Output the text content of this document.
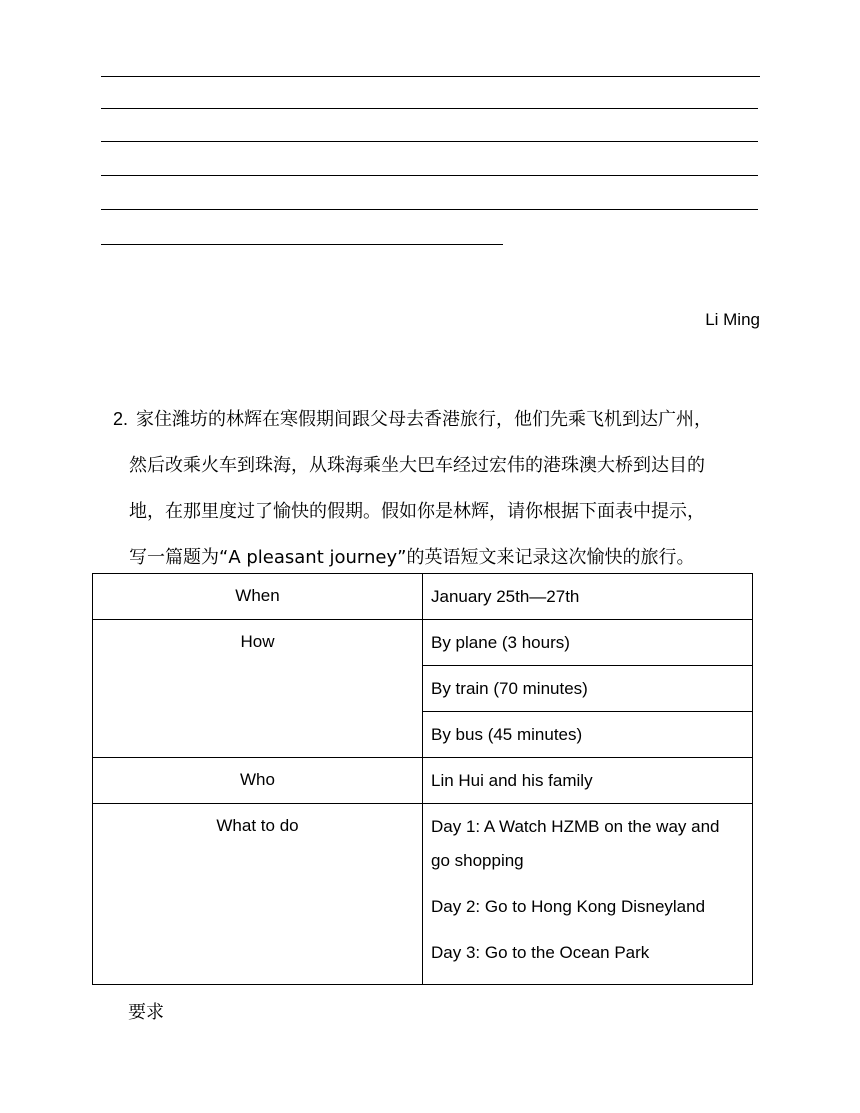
Li Ming
2. 家住潍坊的林辉在寒假期间跟父母去香港旅行，他们先乘飞机到达广州，
然后改乘火车到珠海，从珠海乘坐大巴车经过宏伟的港珠澳大桥到达目的
地，在那里度过了愉快的假期。假如你是林辉，请你根据下面表中提示，
写一篇题为“A pleasant journey”的英语短文来记录这次愉快的旅行。
When	January 25th—27th
How	By plane (3 hours)
	By train (70 minutes)
	By bus (45 minutes)
Who	Lin Hui and his family
What to do	Day 1: A Watch HZMB on the way and
go shopping
Day 2: Go to Hong Kong Disneyland
Day 3: Go to the Ocean Park
要求
